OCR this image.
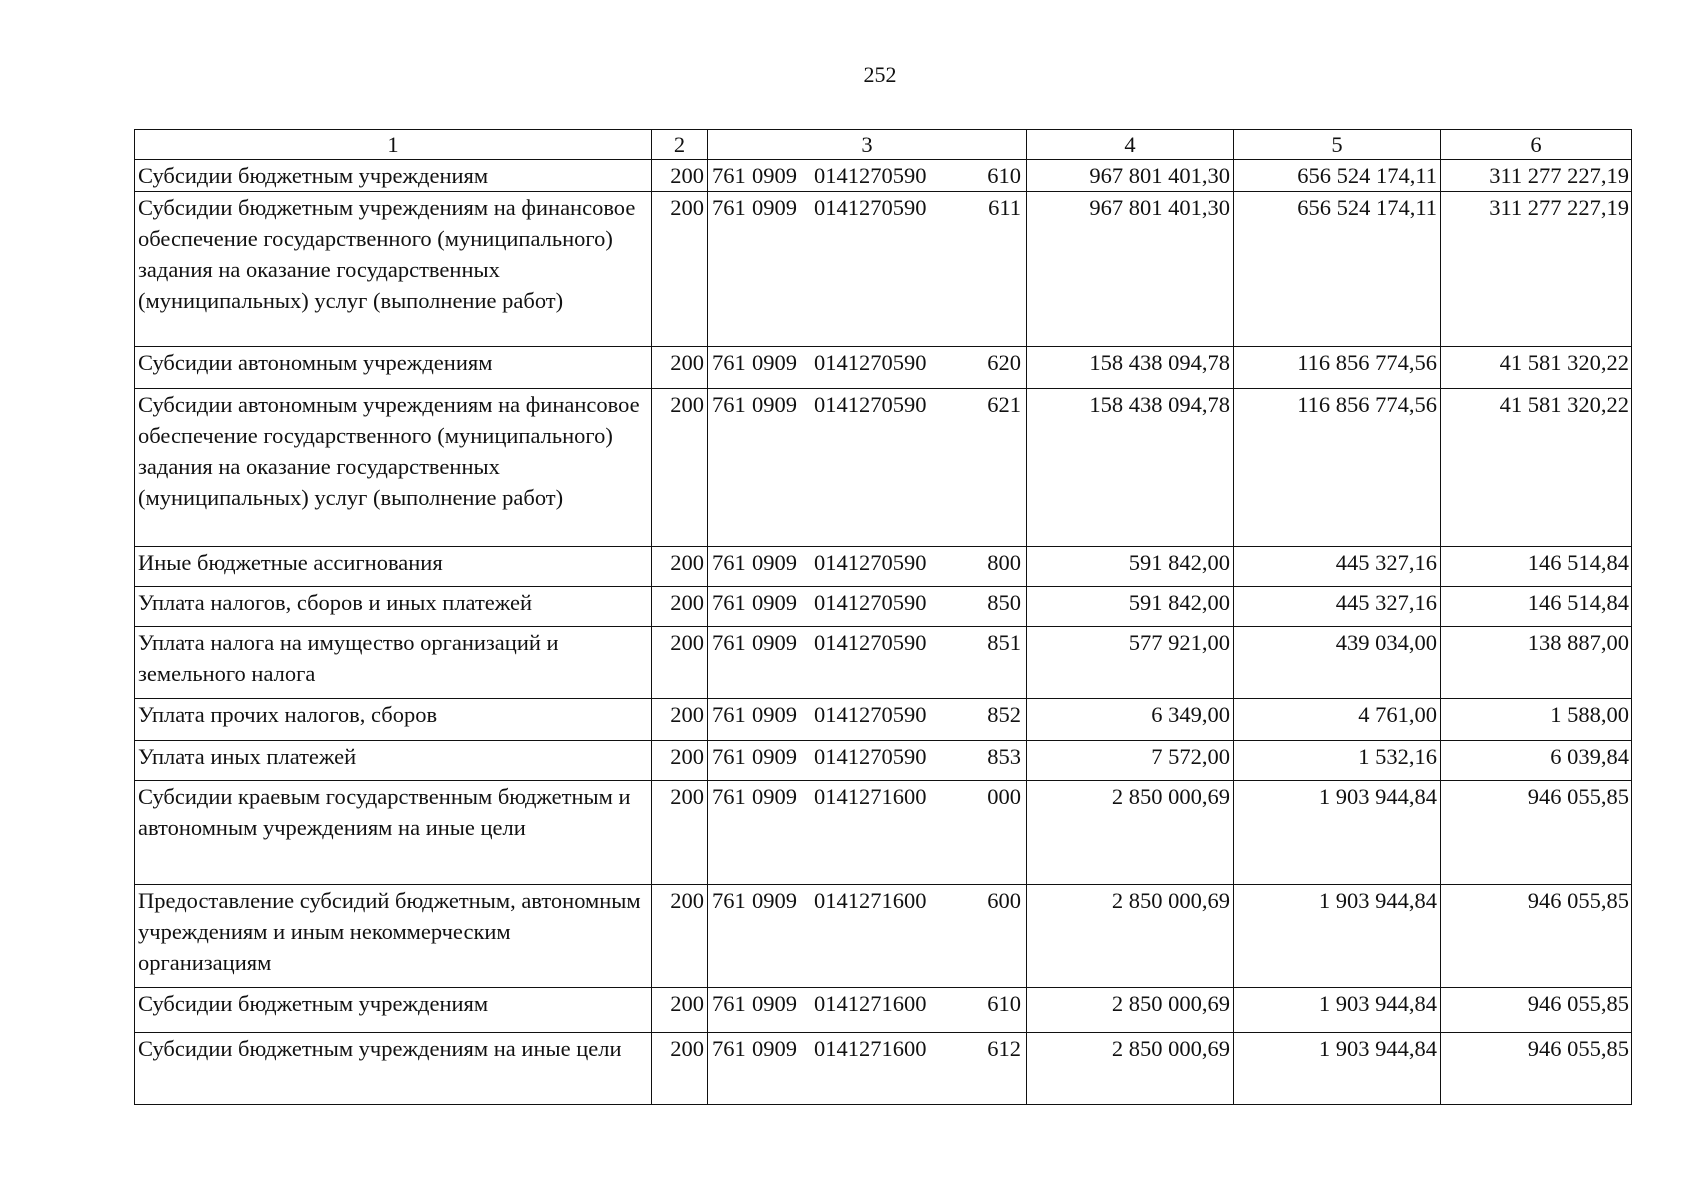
252
1	2	3	4	5	6
Субсидии бюджетным учреждениям	200	761 0909 0141270590 610	967 801 401,30	656 524 174,11	311 277 227,19
Субсидии бюджетным учреждениям на финансовое обеспечение государственного (муниципального) задания на оказание государственных (муниципальных) услуг (выполнение работ)	200	761 0909 0141270590 611	967 801 401,30	656 524 174,11	311 277 227,19
Субсидии автономным учреждениям	200	761 0909 0141270590 620	158 438 094,78	116 856 774,56	41 581 320,22
Субсидии автономным учреждениям на финансовое обеспечение государственного (муниципального) задания на оказание государственных (муниципальных) услуг (выполнение работ)	200	761 0909 0141270590 621	158 438 094,78	116 856 774,56	41 581 320,22
Иные бюджетные ассигнования	200	761 0909 0141270590 800	591 842,00	445 327,16	146 514,84
Уплата налогов, сборов и иных платежей	200	761 0909 0141270590 850	591 842,00	445 327,16	146 514,84
Уплата налога на имущество организаций и земельного налога	200	761 0909 0141270590 851	577 921,00	439 034,00	138 887,00
Уплата прочих налогов, сборов	200	761 0909 0141270590 852	6 349,00	4 761,00	1 588,00
Уплата иных платежей	200	761 0909 0141270590 853	7 572,00	1 532,16	6 039,84
Субсидии краевым государственным бюджетным и автономным учреждениям на иные цели	200	761 0909 0141271600 000	2 850 000,69	1 903 944,84	946 055,85
Предоставление субсидий бюджетным, автономным учреждениям и иным некоммерческим организациям	200	761 0909 0141271600 600	2 850 000,69	1 903 944,84	946 055,85
Субсидии бюджетным учреждениям	200	761 0909 0141271600 610	2 850 000,69	1 903 944,84	946 055,85
Субсидии бюджетным учреждениям на иные цели	200	761 0909 0141271600 612	2 850 000,69	1 903 944,84	946 055,85
